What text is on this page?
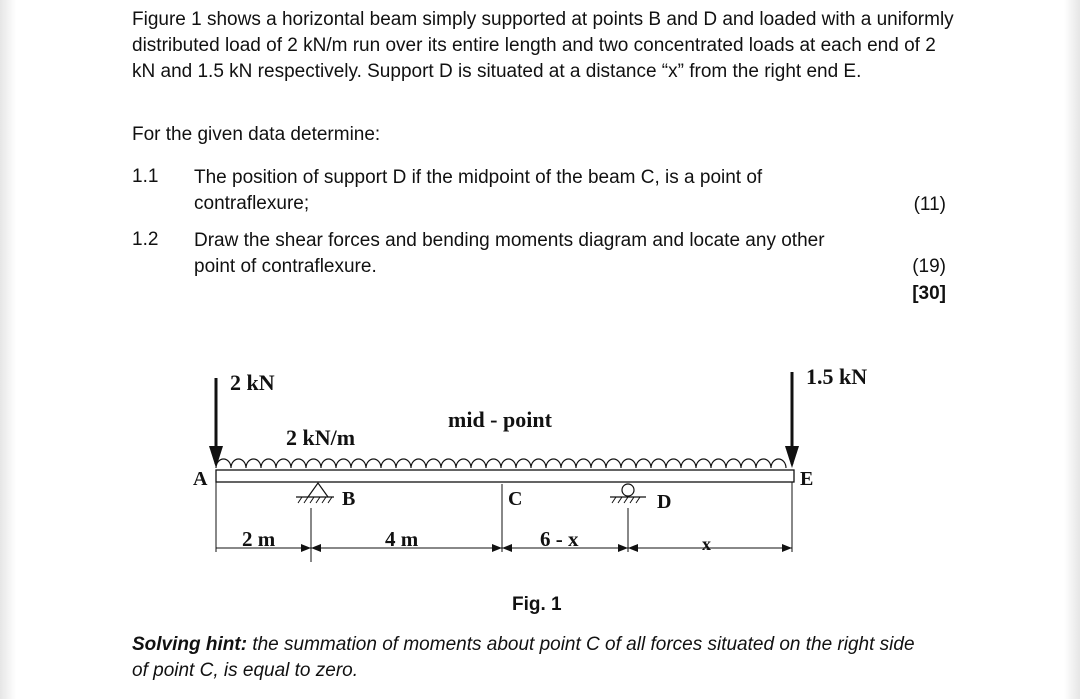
Figure 1 shows a horizontal beam simply supported at points B and D and loaded with a uniformly distributed load of 2 kN/m run over its entire length and two concentrated loads at each end of 2 kN and 1.5 kN respectively. Support D is situated at a distance “x” from the right end E.

For the given data determine:
1.1 The position of support D if the midpoint of the beam C, is a point of contraflexure;	(11)
1.2 Draw the shear forces and bending moments diagram and locate any other point of contraflexure.	(19)
[30]
2 kN	1.5 kN
2 kN/m
mid - point
A
B	C	D
E
2 m	4 m	6 - x	x
Fig. 1

Solving hint: the summation of moments about point C of all forces situated on the right side of point C, is equal to zero.
